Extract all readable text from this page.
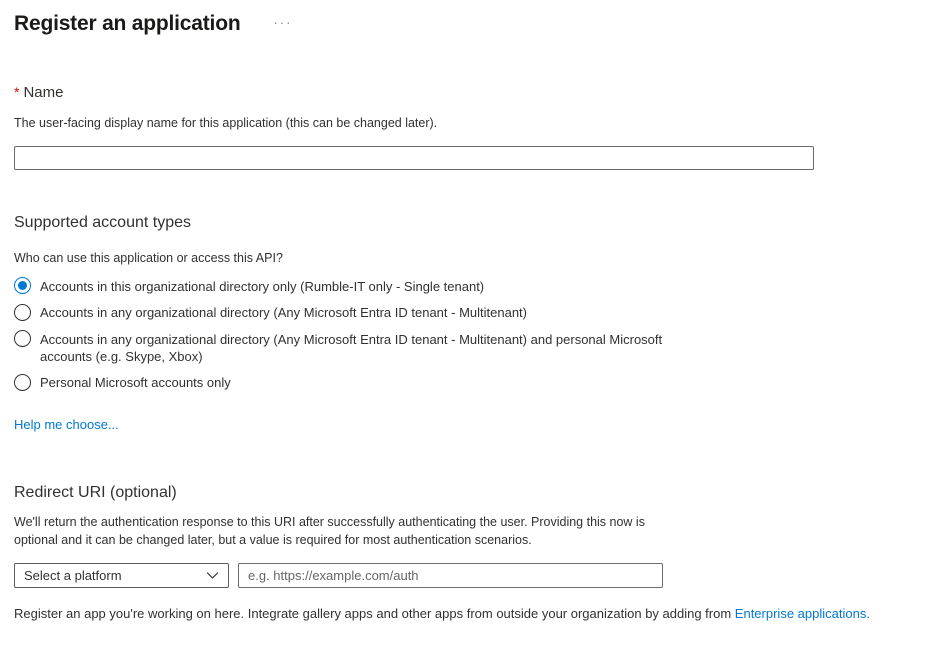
Register an application	···
* Name
The user-facing display name for this application (this can be changed later).
Supported account types
Who can use this application or access this API?
Accounts in this organizational directory only (Rumble-IT only - Single tenant)
Accounts in any organizational directory (Any Microsoft Entra ID tenant - Multitenant)
Accounts in any organizational directory (Any Microsoft Entra ID tenant - Multitenant) and personal Microsoft accounts (e.g. Skype, Xbox)
Personal Microsoft accounts only
Help me choose...
Redirect URI (optional)
We'll return the authentication response to this URI after successfully authenticating the user. Providing this now is optional and it can be changed later, but a value is required for most authentication scenarios.
Select a platform
e.g. https://example.com/auth
Register an app you're working on here. Integrate gallery apps and other apps from outside your organization by adding from Enterprise applications.
